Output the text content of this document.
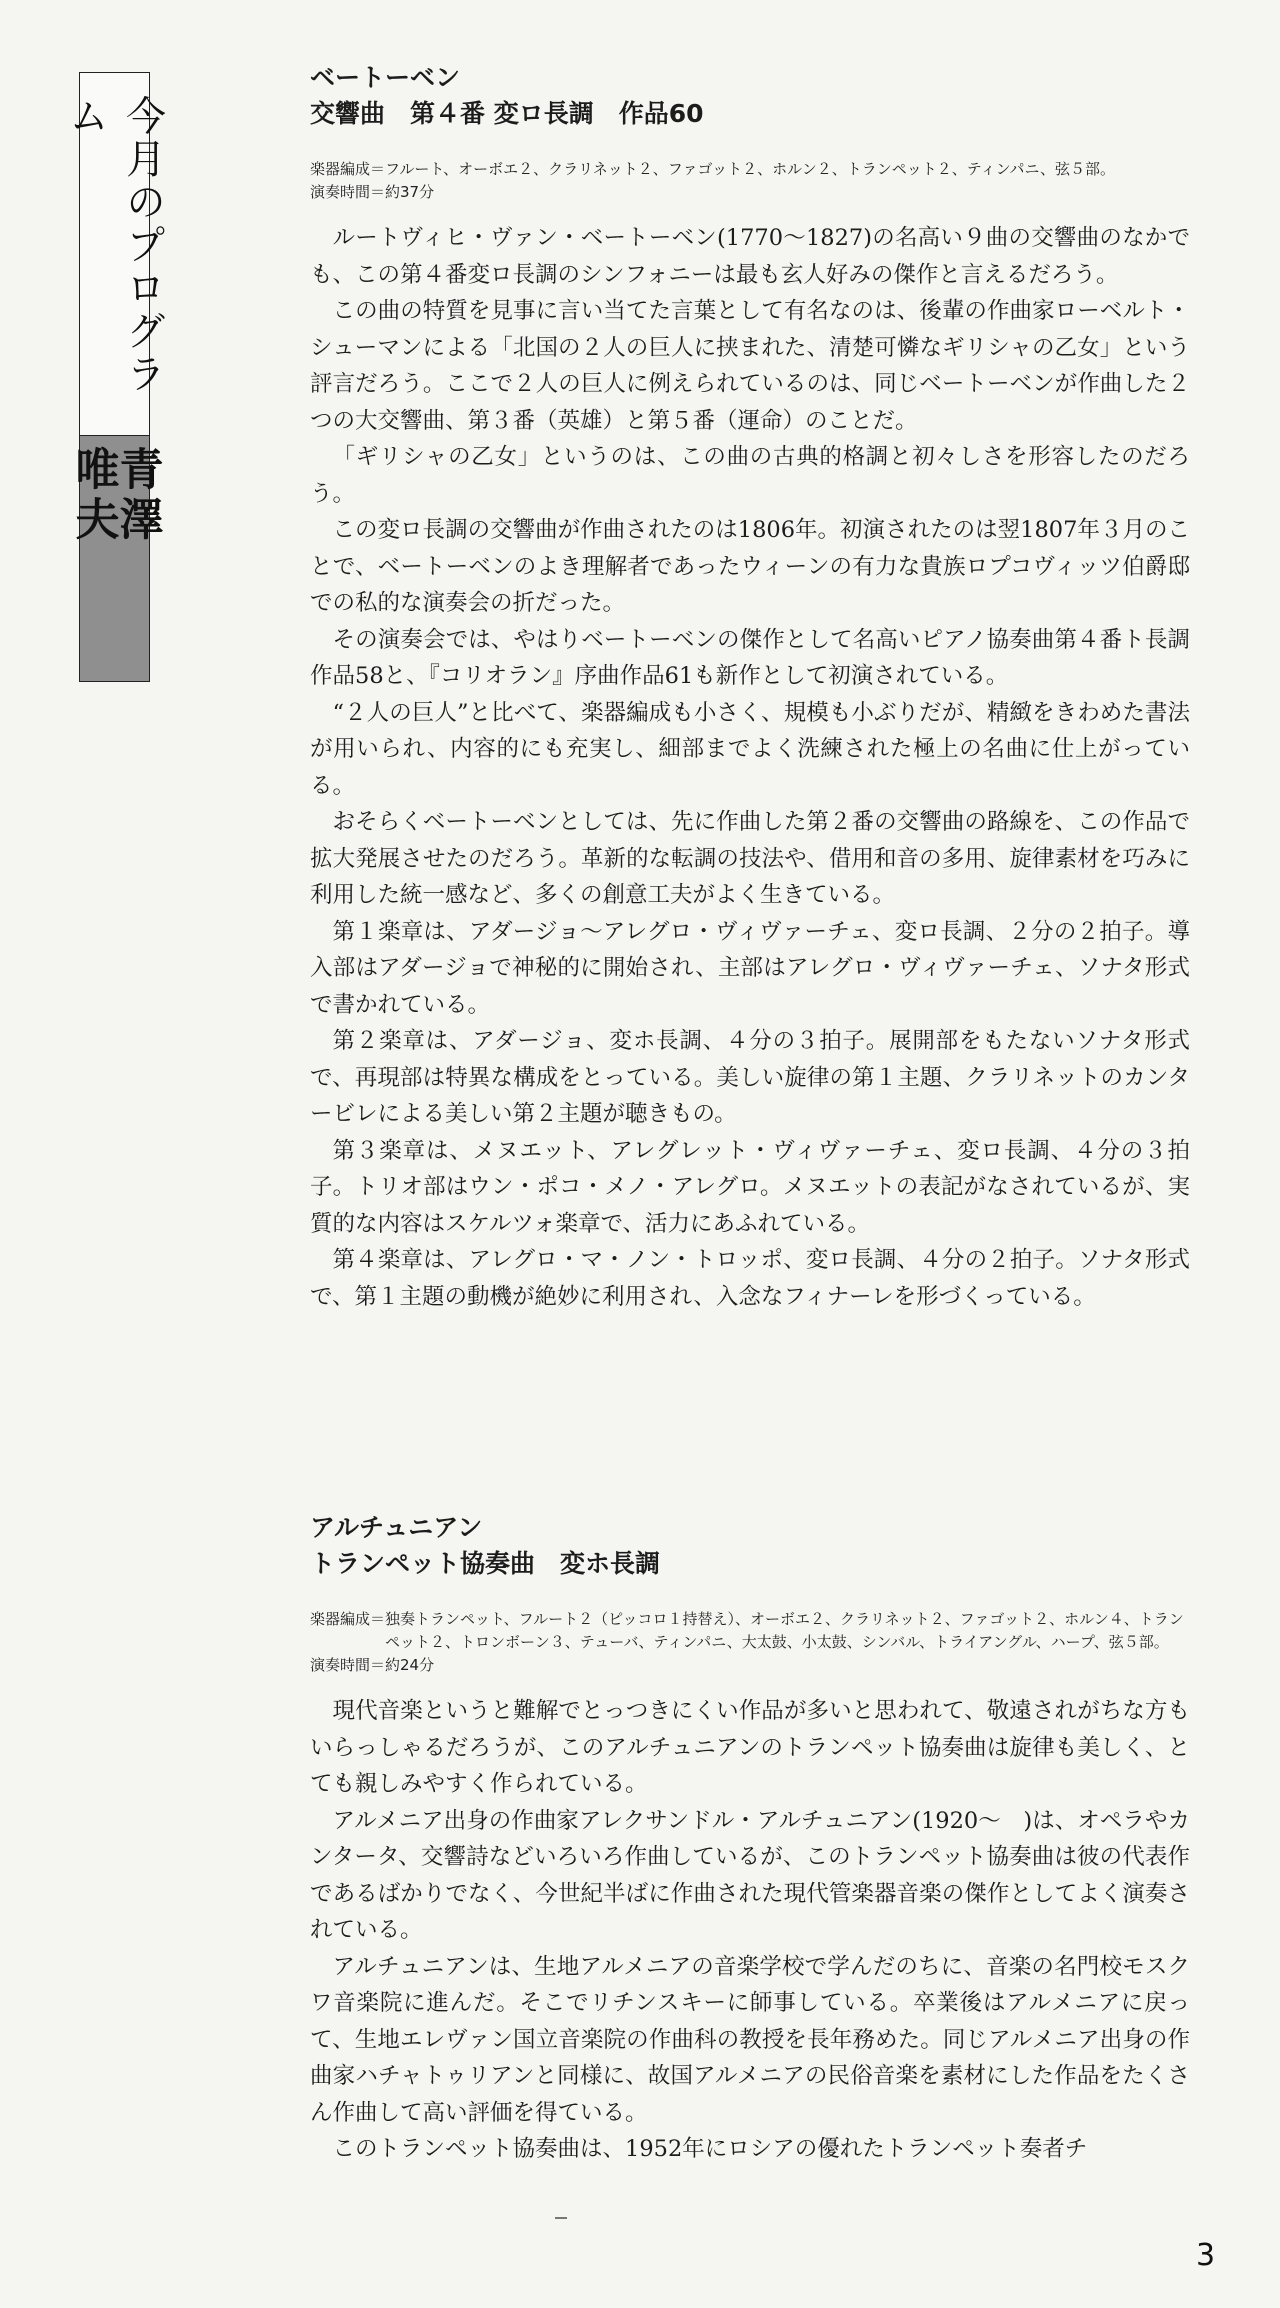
今月のプログラム
青澤
唯夫
ベートーベン
交響曲　第４番 変ロ長調　作品60
楽器編成＝ フルート、オーボエ２、クラリネット２、ファゴット２、ホルン２、トランペット２、ティンパニ、弦５部。
演奏時間＝約37分

ルートヴィヒ・ヴァン・ベートーベン(1770〜1827)の名高い９曲の交響曲のなかでも、この第４番変ロ長調のシンフォニーは最も玄人好みの傑作と言えるだろう。

この曲の特質を見事に言い当てた言葉として有名なのは、後輩の作曲家ローベルト・シューマンによる「北国の２人の巨人に挟まれた、清楚可憐なギリシャの乙女」という評言だろう。ここで２人の巨人に例えられているのは、同じベートーベンが作曲した２つの大交響曲、第３番（英雄）と第５番（運命）のことだ。

「ギリシャの乙女」というのは、この曲の古典的格調と初々しさを形容したのだろう。

この変ロ長調の交響曲が作曲されたのは1806年。初演されたのは翌1807年３月のことで、ベートーベンのよき理解者であったウィーンの有力な貴族ロプコヴィッツ伯爵邸での私的な演奏会の折だった。

その演奏会では、やはりベートーベンの傑作として名高いピアノ協奏曲第４番ト長調作品58と、『コリオラン』序曲作品61も新作として初演されている。

“２人の巨人”と比べて、楽器編成も小さく、規模も小ぶりだが、精緻をきわめた書法が用いられ、内容的にも充実し、細部までよく洗練された極上の名曲に仕上がっている。

おそらくベートーベンとしては、先に作曲した第２番の交響曲の路線を、この作品で拡大発展させたのだろう。革新的な転調の技法や、借用和音の多用、旋律素材を巧みに利用した統一感など、多くの創意工夫がよく生きている。

第１楽章は、アダージョ〜アレグロ・ヴィヴァーチェ、変ロ長調、２分の２拍子。導入部はアダージョで神秘的に開始され、主部はアレグロ・ヴィヴァーチェ、ソナタ形式で書かれている。

第２楽章は、アダージョ、変ホ長調、４分の３拍子。展開部をもたないソナタ形式で、再現部は特異な構成をとっている。美しい旋律の第１主題、クラリネットのカンタービレによる美しい第２主題が聴きもの。

第３楽章は、メヌエット、アレグレット・ヴィヴァーチェ、変ロ長調、４分の３拍子。トリオ部はウン・ポコ・メノ・アレグロ。メヌエットの表記がなされているが、実質的な内容はスケルツォ楽章で、活力にあふれている。

第４楽章は、アレグロ・マ・ノン・トロッポ、変ロ長調、４分の２拍子。ソナタ形式で、第１主題の動機が絶妙に利用され、入念なフィナーレを形づくっている。

アルチュニアン
トランペット協奏曲　変ホ長調
楽器編成＝ 独奏トランペット、フルート２（ピッコロ１持替え）、オーボエ２、クラリネット２、ファゴット２、ホルン４、トランペット２、トロンボーン３、テューバ、ティンパニ、大太鼓、小太鼓、シンバル、トライアングル、ハープ、弦５部。
演奏時間＝約24分

現代音楽というと難解でとっつきにくい作品が多いと思われて、敬遠されがちな方もいらっしゃるだろうが、このアルチュニアンのトランペット協奏曲は旋律も美しく、とても親しみやすく作られている。

アルメニア出身の作曲家アレクサンドル・アルチュニアン(1920〜　)は、オペラやカンタータ、交響詩などいろいろ作曲しているが、このトランペット協奏曲は彼の代表作であるばかりでなく、今世紀半ばに作曲された現代管楽器音楽の傑作としてよく演奏されている。

アルチュニアンは、生地アルメニアの音楽学校で学んだのちに、音楽の名門校モスクワ音楽院に進んだ。そこでリチンスキーに師事している。卒業後はアルメニアに戻って、生地エレヴァン国立音楽院の作曲科の教授を長年務めた。同じアルメニア出身の作曲家ハチャトゥリアンと同様に、故国アルメニアの民俗音楽を素材にした作品をたくさん作曲して高い評価を得ている。

このトランペット協奏曲は、1952年にロシアの優れたトランペット奏者チ

3
